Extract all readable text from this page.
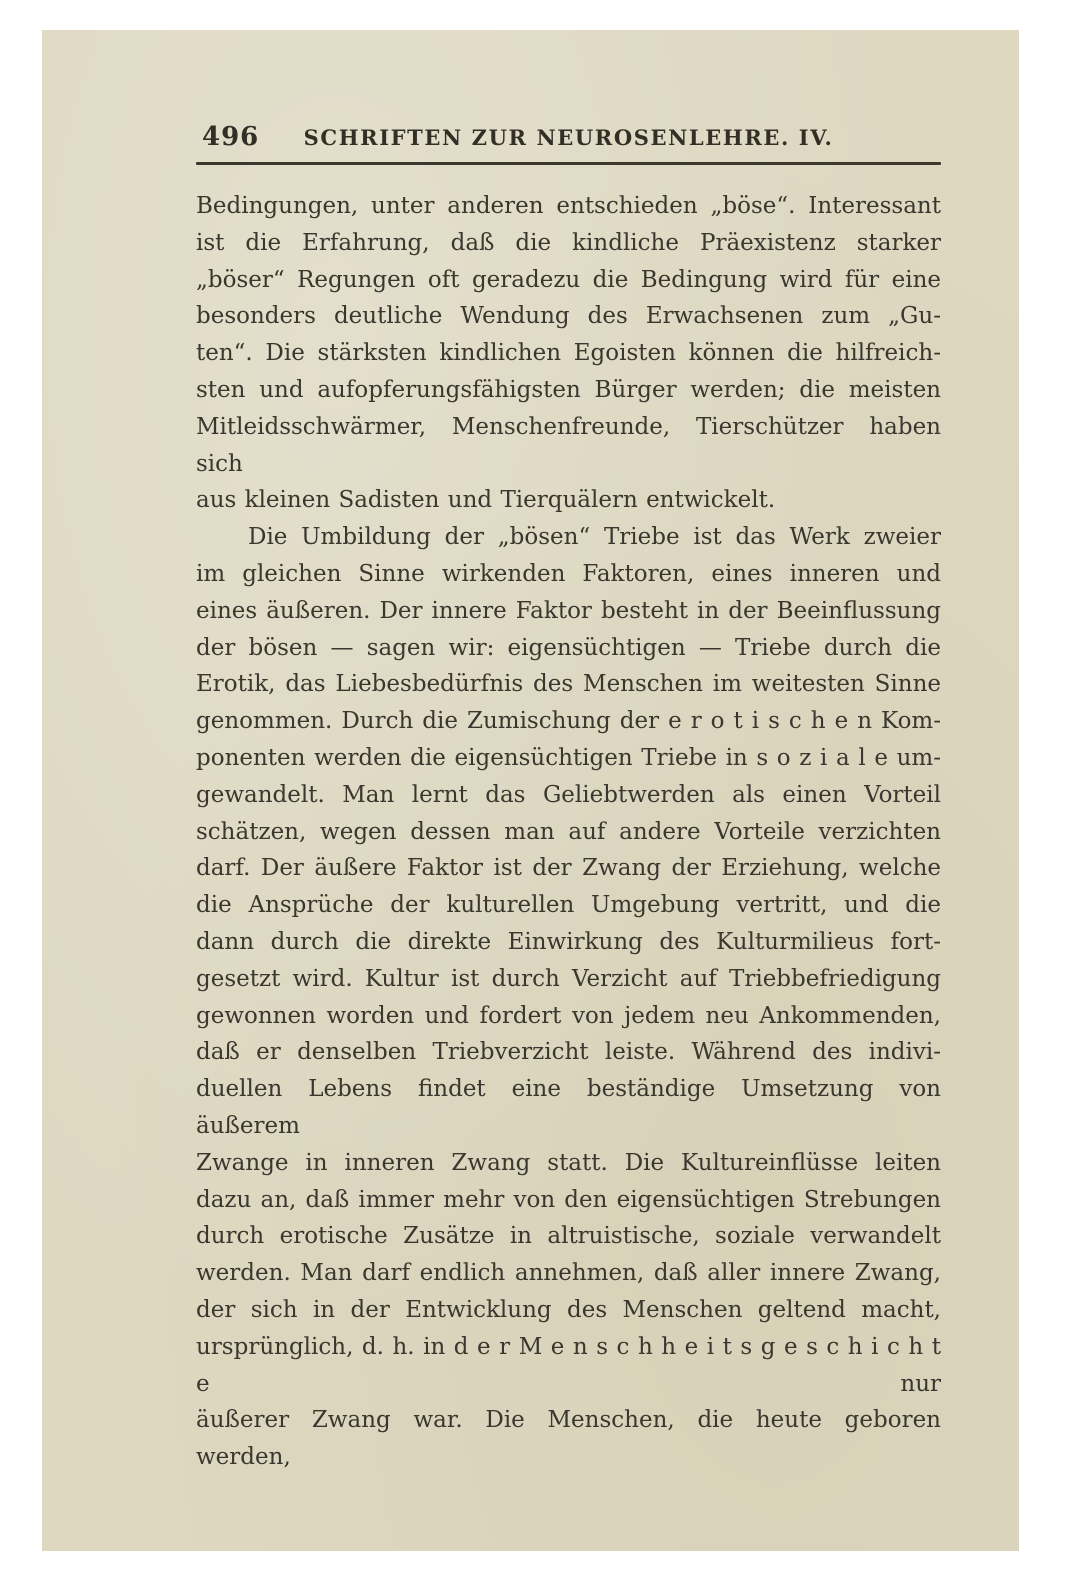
496 SCHRIFTEN ZUR NEUROSENLEHRE. IV.
Bedingungen, unter anderen entschieden „böse“. Interessant
ist die Erfahrung, daß die kindliche Präexistenz starker
„böser“ Regungen oft geradezu die Bedingung wird für eine
besonders deutliche Wendung des Erwachsenen zum „Gu-
ten“. Die stärksten kindlichen Egoisten können die hilfreich-
sten und aufopferungsfähigsten Bürger werden; die meisten
Mitleidsschwärmer, Menschenfreunde, Tierschützer haben sich
aus kleinen Sadisten und Tierquälern entwickelt.
Die Umbildung der „bösen“ Triebe ist das Werk zweier
im gleichen Sinne wirkenden Faktoren, eines inneren und
eines äußeren. Der innere Faktor besteht in der Beeinflussung
der bösen — sagen wir: eigensüchtigen — Triebe durch die
Erotik, das Liebesbedürfnis des Menschen im weitesten Sinne
genommen. Durch die Zumischung der e r o t i s c h e n Kom-
ponenten werden die eigensüchtigen Triebe in s o z i a l e um-
gewandelt. Man lernt das Geliebtwerden als einen Vorteil
schätzen, wegen dessen man auf andere Vorteile verzichten
darf. Der äußere Faktor ist der Zwang der Erziehung, welche
die Ansprüche der kulturellen Umgebung vertritt, und die
dann durch die direkte Einwirkung des Kulturmilieus fort-
gesetzt wird. Kultur ist durch Verzicht auf Triebbefriedigung
gewonnen worden und fordert von jedem neu Ankommenden,
daß er denselben Triebverzicht leiste. Während des indivi-
duellen Lebens findet eine beständige Umsetzung von äußerem
Zwange in inneren Zwang statt. Die Kultureinflüsse leiten
dazu an, daß immer mehr von den eigensüchtigen Strebungen
durch erotische Zusätze in altruistische, soziale verwandelt
werden. Man darf endlich annehmen, daß aller innere Zwang,
der sich in der Entwicklung des Menschen geltend macht,
ursprünglich, d. h. in d e r M e n s c h h e i t s g e s c h i c h t e nur
äußerer Zwang war. Die Menschen, die heute geboren werden,
